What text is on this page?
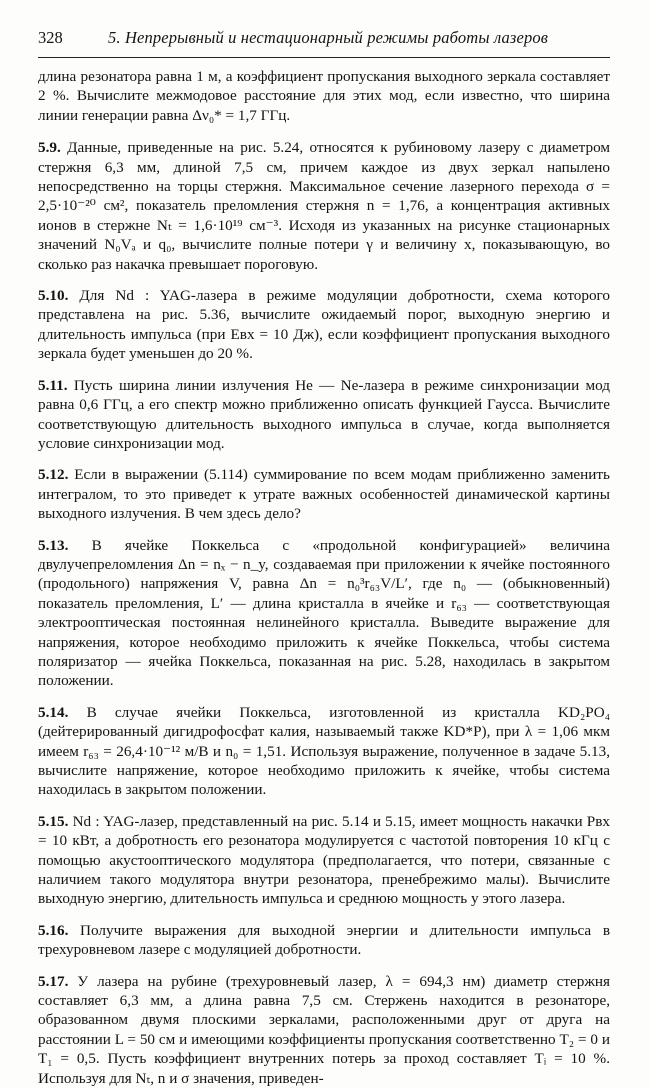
328	5. Непрерывный и нестационарный режимы работы лазеров

длина резонатора равна 1 м, а коэффициент пропускания выходного зеркала составляет 2 %. Вычислите межмодовое расстояние для этих мод, если известно, что ширина линии генерации равна Δν₀* = 1,7 ГГц.

5.9. Данные, приведенные на рис. 5.24, относятся к рубиновому лазеру с диаметром стержня 6,3 мм, длиной 7,5 см, причем каждое из двух зеркал напылено непосредственно на торцы стержня. Максимальное сечение лазерного перехода σ = 2,5·10⁻²⁰ см², показатель преломления стержня n = 1,76, а концентрация активных ионов в стержне Nₜ = 1,6·10¹⁹ см⁻³. Исходя из указанных на рисунке стационарных значений N₀Vₐ и q₀, вычислите полные потери γ и величину x, показывающую, во сколько раз накачка превышает пороговую.

5.10. Для Nd : YAG-лазера в режиме модуляции добротности, схема которого представлена на рис. 5.36, вычислите ожидаемый порог, выходную энергию и длительность импульса (при Eвх = 10 Дж), если коэффициент пропускания выходного зеркала будет уменьшен до 20 %.

5.11. Пусть ширина линии излучения He — Ne-лазера в режиме синхронизации мод равна 0,6 ГГц, а его спектр можно приближенно описать функцией Гаусса. Вычислите соответствующую длительность выходного импульса в случае, когда выполняется условие синхронизации мод.

5.12. Если в выражении (5.114) суммирование по всем модам приближенно заменить интегралом, то это приведет к утрате важных особенностей динамической картины выходного излучения. В чем здесь дело?

5.13. В ячейке Поккельса с «продольной конфигурацией» величина двулучепреломления Δn = nₓ − n_y, создаваемая при приложении к ячейке постоянного (продольного) напряжения V, равна Δn = n₀³r₆₃V/L′, где n₀ — (обыкновенный) показатель преломления, L′ — длина кристалла в ячейке и r₆₃ — соответствующая электрооптическая постоянная нелинейного кристалла. Выведите выражение для напряжения, которое необходимо приложить к ячейке Поккельса, чтобы система поляризатор — ячейка Поккельса, показанная на рис. 5.28, находилась в закрытом положении.

5.14. В случае ячейки Поккельса, изготовленной из кристалла KD₂PO₄ (дейтерированный дигидрофосфат калия, называемый также KD*P), при λ = 1,06 мкм имеем r₆₃ = 26,4·10⁻¹² м/В и n₀ = 1,51. Используя выражение, полученное в задаче 5.13, вычислите напряжение, которое необходимо приложить к ячейке, чтобы система находилась в закрытом положении.

5.15. Nd : YAG-лазер, представленный на рис. 5.14 и 5.15, имеет мощность накачки Pвх = 10 кВт, а добротность его резонатора модулируется с частотой повторения 10 кГц с помощью акустооптического модулятора (предполагается, что потери, связанные с наличием такого модулятора внутри резонатора, пренебрежимо малы). Вычислите выходную энергию, длительность импульса и среднюю мощность у этого лазера.

5.16. Получите выражения для выходной энергии и длительности импульса в трехуровневом лазере с модуляцией добротности.

5.17. У лазера на рубине (трехуровневый лазер, λ = 694,3 нм) диаметр стержня составляет 6,3 мм, а длина равна 7,5 см. Стержень находится в резонаторе, образованном двумя плоскими зеркалами, расположенными друг от друга на расстоянии L = 50 см и имеющими коэффициенты пропускания соответственно T₂ = 0 и T₁ = 0,5. Пусть коэффициент внутренних потерь за проход составляет Tᵢ = 10 %. Используя для Nₜ, n и σ значения, приведен-
